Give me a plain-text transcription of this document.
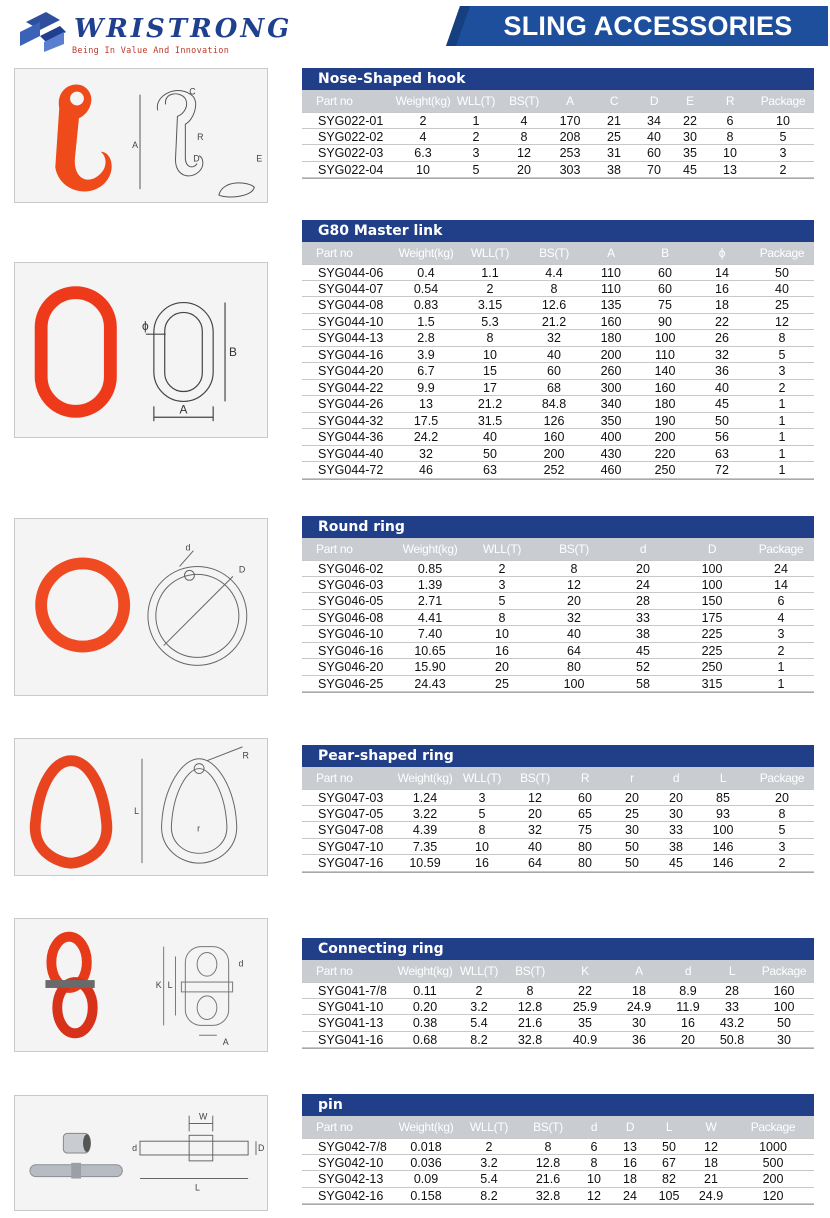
WRISTRONG
Being In Value And Innovation
SLING ACCESSORIES
A
C
R
D	E
ϕ
B
A
d
D
R
r
L
A
K
d
L
W
L
d	D
Nose-Shaped hook
Part no	Weight(kg) WLL(T)	BS(T)	A	C	D	E	R	Package
SYG022-01	2	1	4	170	21	34	22	6	10
SYG022-02	4	2	8	208	25	40	30	8	5
SYG022-03	6.3	3	12	253	31	60	35	10	3
SYG022-04	10	5	20	303	38	70	45	13	2
G80 Master link
Part no	Weight(kg)	WLL(T)	BS(T)	A	B	ϕ	Package
SYG044-06	0.4	1.1	4.4	110	60	14	50
SYG044-07	0.54	2	8	110	60	16	40
SYG044-08	0.83	3.15	12.6	135	75	18	25
SYG044-10	1.5	5.3	21.2	160	90	22	12
SYG044-13	2.8	8	32	180	100	26	8
SYG044-16	3.9	10	40	200	110	32	5
SYG044-20	6.7	15	60	260	140	36	3
SYG044-22	9.9	17	68	300	160	40	2
SYG044-26	13	21.2	84.8	340	180	45	1
SYG044-32	17.5	31.5	126	350	190	50	1
SYG044-36	24.2	40	160	400	200	56	1
SYG044-40	32	50	200	430	220	63	1
SYG044-72	46	63	252	460	250	72	1
Round ring
Part no	Weight(kg)	WLL(T)	BS(T)	d	D	Package
SYG046-02	0.85	2	8	20	100	24
SYG046-03	1.39	3	12	24	100	14
SYG046-05	2.71	5	20	28	150	6
SYG046-08	4.41	8	32	33	175	4
SYG046-10	7.40	10	40	38	225	3
SYG046-16	10.65	16	64	45	225	2
SYG046-20	15.90	20	80	52	250	1
SYG046-25	24.43	25	100	58	315	1
Pear-shaped ring
Part no	Weight(kg) WLL(T)	BS(T)	R	r	d	L	Package
SYG047-03	1.24	3	12	60	20	20	85	20
SYG047-05	3.22	5	20	65	25	30	93	8
SYG047-08	4.39	8	32	75	30	33	100	5
SYG047-10	7.35	10	40	80	50	38	146	3
SYG047-16	10.59	16	64	80	50	45	146	2
Connecting ring
Part no	Weight(kg) WLL(T)	BS(T)	K	A	d	L	Package
SYG041-7/8	0.11	2	8	22	18	8.9	28	160
SYG041-10	0.20	3.2	12.8	25.9	24.9	11.9	33	100
SYG041-13	0.38	5.4	21.6	35	30	16	43.2	50
SYG041-16	0.68	8.2	32.8	40.9	36	20	50.8	30
pin
Part no	Weight(kg)	WLL(T)	BS(T)	d	D	L	W	Package
SYG042-7/8	0.018	2	8	6	13	50	12	1000
SYG042-10	0.036	3.2	12.8	8	16	67	18	500
SYG042-13	0.09	5.4	21.6	10	18	82	21	200
SYG042-16	0.158	8.2	32.8	12	24	105	24.9	120
